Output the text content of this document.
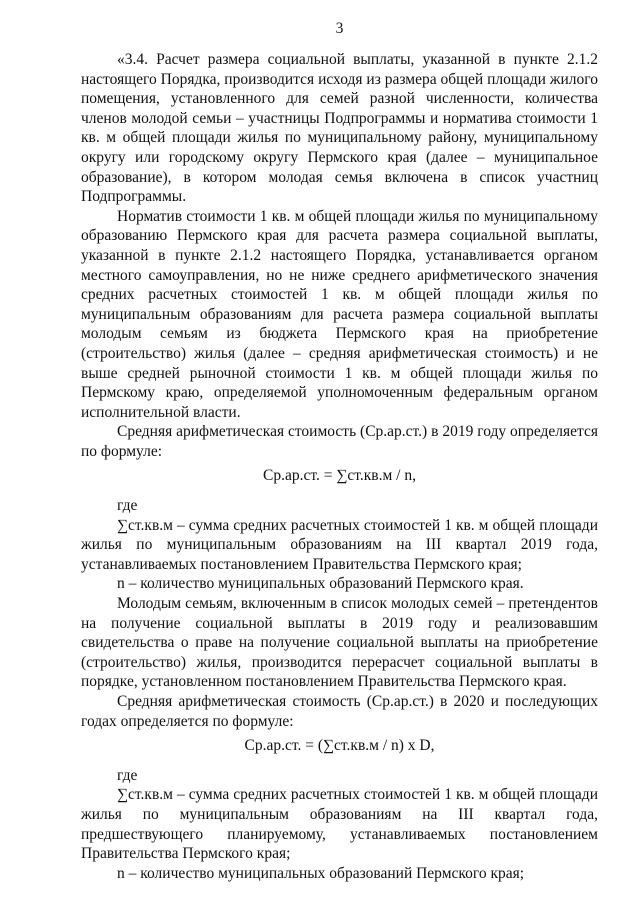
3

«3.4. Расчет размера социальной выплаты, указанной в пункте 2.1.2 настоящего Порядка, производится исходя из размера общей площади жилого помещения, установленного для семей разной численности, количества членов молодой семьи – участницы Подпрограммы и норматива стоимости 1 кв. м общей площади жилья по муниципальному району, муниципальному округу или городскому округу Пермского края (далее – муниципальное образование), в котором молодая семья включена в список участниц Подпрограммы.

Норматив стоимости 1 кв. м общей площади жилья по муниципальному образованию Пермского края для расчета размера социальной выплаты, указанной в пункте 2.1.2 настоящего Порядка, устанавливается органом местного самоуправления, но не ниже среднего арифметического значения средних расчетных стоимостей 1 кв. м общей площади жилья по муниципальным образованиям для расчета размера социальной выплаты молодым семьям из бюджета Пермского края на приобретение (строительство) жилья (далее – средняя арифметическая стоимость) и не выше средней рыночной стоимости 1 кв. м общей площади жилья по Пермскому краю, определяемой уполномоченным федеральным органом исполнительной власти.

Средняя арифметическая стоимость (Ср.ар.ст.) в 2019 году определяется по формуле:

Ср.ар.ст. = ∑ст.кв.м / n,

где

∑ст.кв.м – сумма средних расчетных стоимостей 1 кв. м общей площади жилья по муниципальным образованиям на III квартал 2019 года, устанавливаемых постановлением Правительства Пермского края;

n – количество муниципальных образований Пермского края.

Молодым семьям, включенным в список молодых семей – претендентов на получение социальной выплаты в 2019 году и реализовавшим свидетельства о праве на получение социальной выплаты на приобретение (строительство) жилья, производится перерасчет социальной выплаты в порядке, установленном постановлением Правительства Пермского края.

Средняя арифметическая стоимость (Ср.ар.ст.) в 2020 и последующих годах определяется по формуле:

Ср.ар.ст. = (∑ст.кв.м / n) x D,

где

∑ст.кв.м – сумма средних расчетных стоимостей 1 кв. м общей площади жилья по муниципальным образованиям на III квартал года, предшествующего планируемому, устанавливаемых постановлением Правительства Пермского края;

n – количество муниципальных образований Пермского края;
